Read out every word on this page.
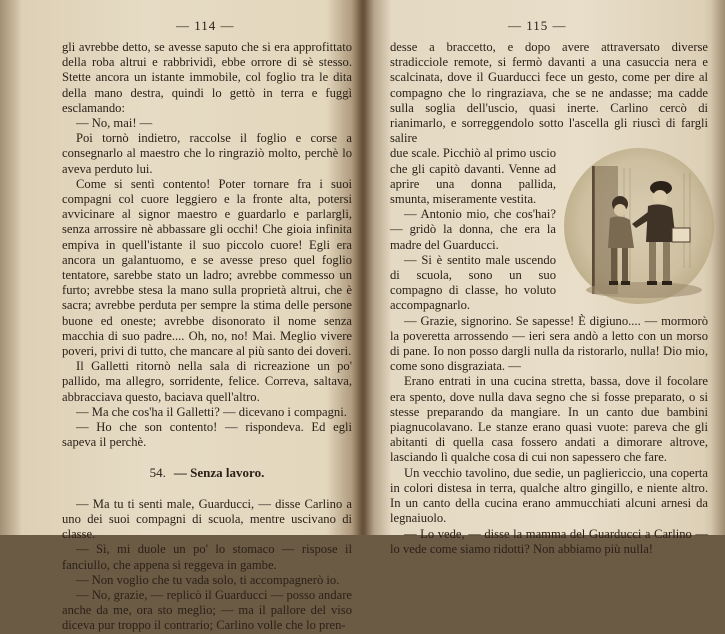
— 114 —

gli avrebbe detto, se avesse saputo che si era approfittato della roba altrui e rabbrividì, ebbe orrore di sè stesso. Stette ancora un istante immobile, col foglio tra le dita della mano destra, quindi lo gettò in terra e fuggì esclamando:

— No, mai! —

Poi tornò indietro, raccolse il foglio e corse a consegnarlo al maestro che lo ringraziò molto, perchè lo aveva perduto lui.

Come si sentì contento! Poter tornare fra i suoi compagni col cuore leggiero e la fronte alta, potersi avvicinare al signor maestro e guardarlo e parlargli, senza arrossire nè abbassare gli occhi! Che gioia infinita empiva in quell'istante il suo piccolo cuore! Egli era ancora un galantuomo, e se avesse preso quel foglio tentatore, sarebbe stato un ladro; avrebbe commesso un furto; avrebbe stesa la mano sulla proprietà altrui, che è sacra; avrebbe perduta per sempre la stima delle persone buone ed oneste; avrebbe disonorato il nome senza macchia di suo padre.... Oh, no, no! Mai. Meglio vivere poveri, privi di tutto, che mancare al più santo dei doveri.

Il Galletti ritornò nella sala di ricreazione un po' pallido, ma allegro, sorridente, felice. Correva, saltava, abbracciava questo, baciava quell'altro.

— Ma che cos'ha il Galletti? — dicevano i compagni.

— Ho che son contento! — rispondeva. Ed egli sapeva il perchè.

54. — Senza lavoro.

— Ma tu ti senti male, Guarducci, — disse Carlino a uno dei suoi compagni di scuola, mentre uscivano di classe.

— Sì, mi duole un po' lo stomaco — rispose il fanciullo, che appena si reggeva in gambe.

— Non voglio che tu vada solo, ti accompagnerò io.

— No, grazie, — replicò il Guarducci — posso andare anche da me, ora sto meglio; — ma il pallore del viso diceva pur troppo il contrario; Carlino volle che lo pren-

— 115 —

desse a braccetto, e dopo avere attraversato diverse stradicciole remote, si fermò davanti a una casuccia nera e scalcinata, dove il Guarducci fece un gesto, come per dire al compagno che lo ringraziava, che se ne andasse; ma cadde sulla soglia dell'uscio, quasi inerte. Carlino cercò di rianimarlo, e sorreggendolo sotto l'ascella gli riuscì di fargli salire

due scale. Picchiò al primo uscio che gli capitò davanti. Venne ad aprire una donna pallida, smunta, miseramente vestita.

— Antonio mio, che cos'hai? — gridò la donna, che era la madre del Guarducci.

— Si è sentito male uscendo di scuola, sono un suo compagno di classe, ho voluto accompagnarlo.

— Grazie, signorino. Se sapesse! È digiuno.... — mormorò la poveretta arrossendo — ieri sera andò a letto con un morso di pane. Io non posso dargli nulla da ristorarlo, nulla! Dio mio, come sono disgraziata. —

Erano entrati in una cucina stretta, bassa, dove il focolare era spento, dove nulla dava segno che si fosse preparato, o si stesse preparando da mangiare. In un canto due bambini piagnucolavano. Le stanze erano quasi vuote: pareva che gli abitanti di quella casa fossero andati a dimorare altrove, lasciando lì qualche cosa di cui non sapessero che fare.

Un vecchio tavolino, due sedie, un pagliericcio, una coperta in colori distesa in terra, qualche altro gingillo, e niente altro. In un canto della cucina erano ammucchiati alcuni arnesi da legnaiuolo.

— Lo vede, — disse la mamma del Guarducci a Carlino — lo vede come siamo ridotti? Non abbiamo più nulla!
